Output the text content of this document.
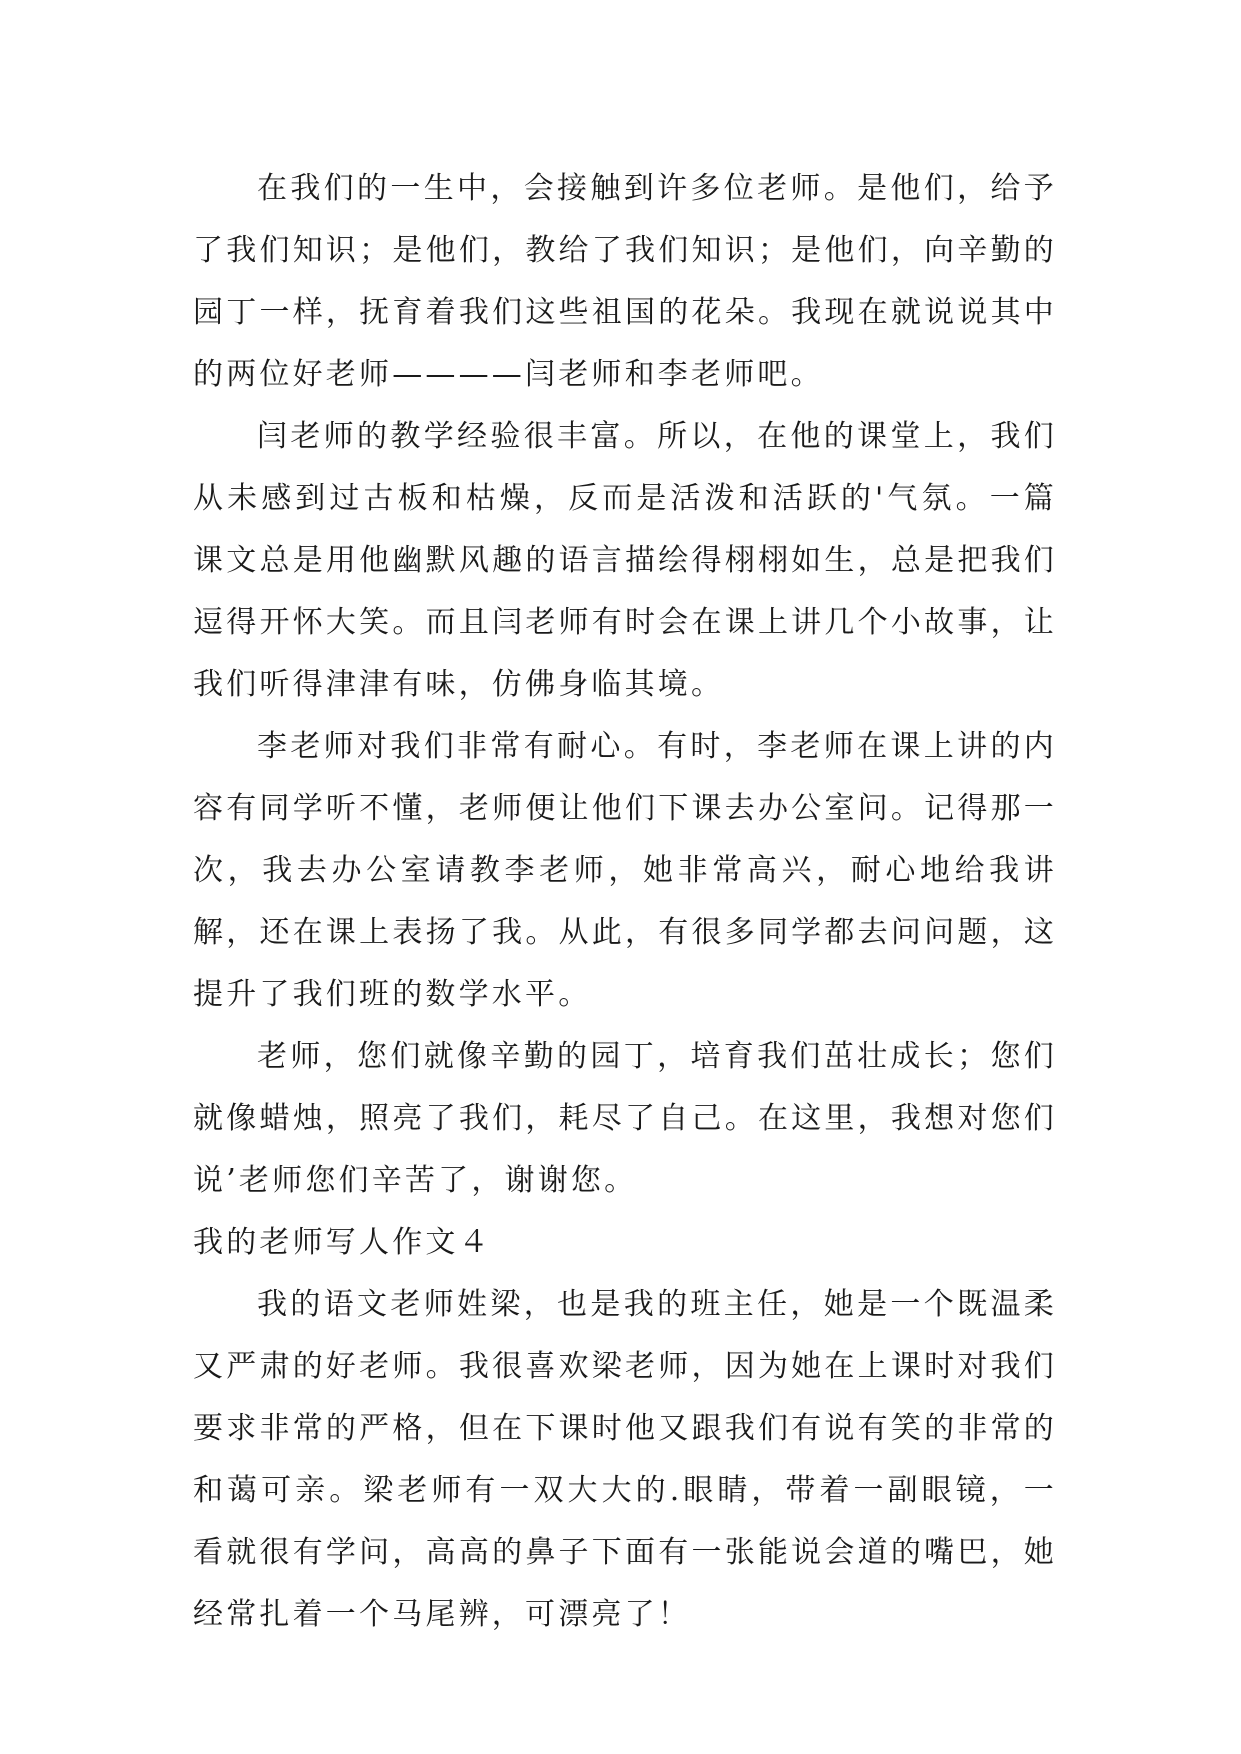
在我们的一生中，会接触到许多位老师。是他们，给予了我们知识；是他们，教给了我们知识；是他们，向辛勤的园丁一样，抚育着我们这些祖国的花朵。我现在就说说其中的两位好老师————闫老师和李老师吧。

闫老师的教学经验很丰富。所以，在他的课堂上，我们从未感到过古板和枯燥，反而是活泼和活跃的'气氛。一篇课文总是用他幽默风趣的语言描绘得栩栩如生，总是把我们逗得开怀大笑。而且闫老师有时会在课上讲几个小故事，让我们听得津津有味，仿佛身临其境。

李老师对我们非常有耐心。有时，李老师在课上讲的内容有同学听不懂，老师便让他们下课去办公室问。记得那一次，我去办公室请教李老师，她非常高兴，耐心地给我讲解，还在课上表扬了我。从此，有很多同学都去问问题，这提升了我们班的数学水平。

老师，您们就像辛勤的园丁，培育我们茁壮成长；您们就像蜡烛，照亮了我们，耗尽了自己。在这里，我想对您们说’老师您们辛苦了，谢谢您。

我的老师写人作文４

我的语文老师姓梁，也是我的班主任，她是一个既温柔又严肃的好老师。我很喜欢梁老师，因为她在上课时对我们要求非常的严格，但在下课时他又跟我们有说有笑的非常的和蔼可亲。梁老师有一双大大的.眼睛，带着一副眼镜，一看就很有学问，高高的鼻子下面有一张能说会道的嘴巴，她经常扎着一个马尾辨，可漂亮了！
